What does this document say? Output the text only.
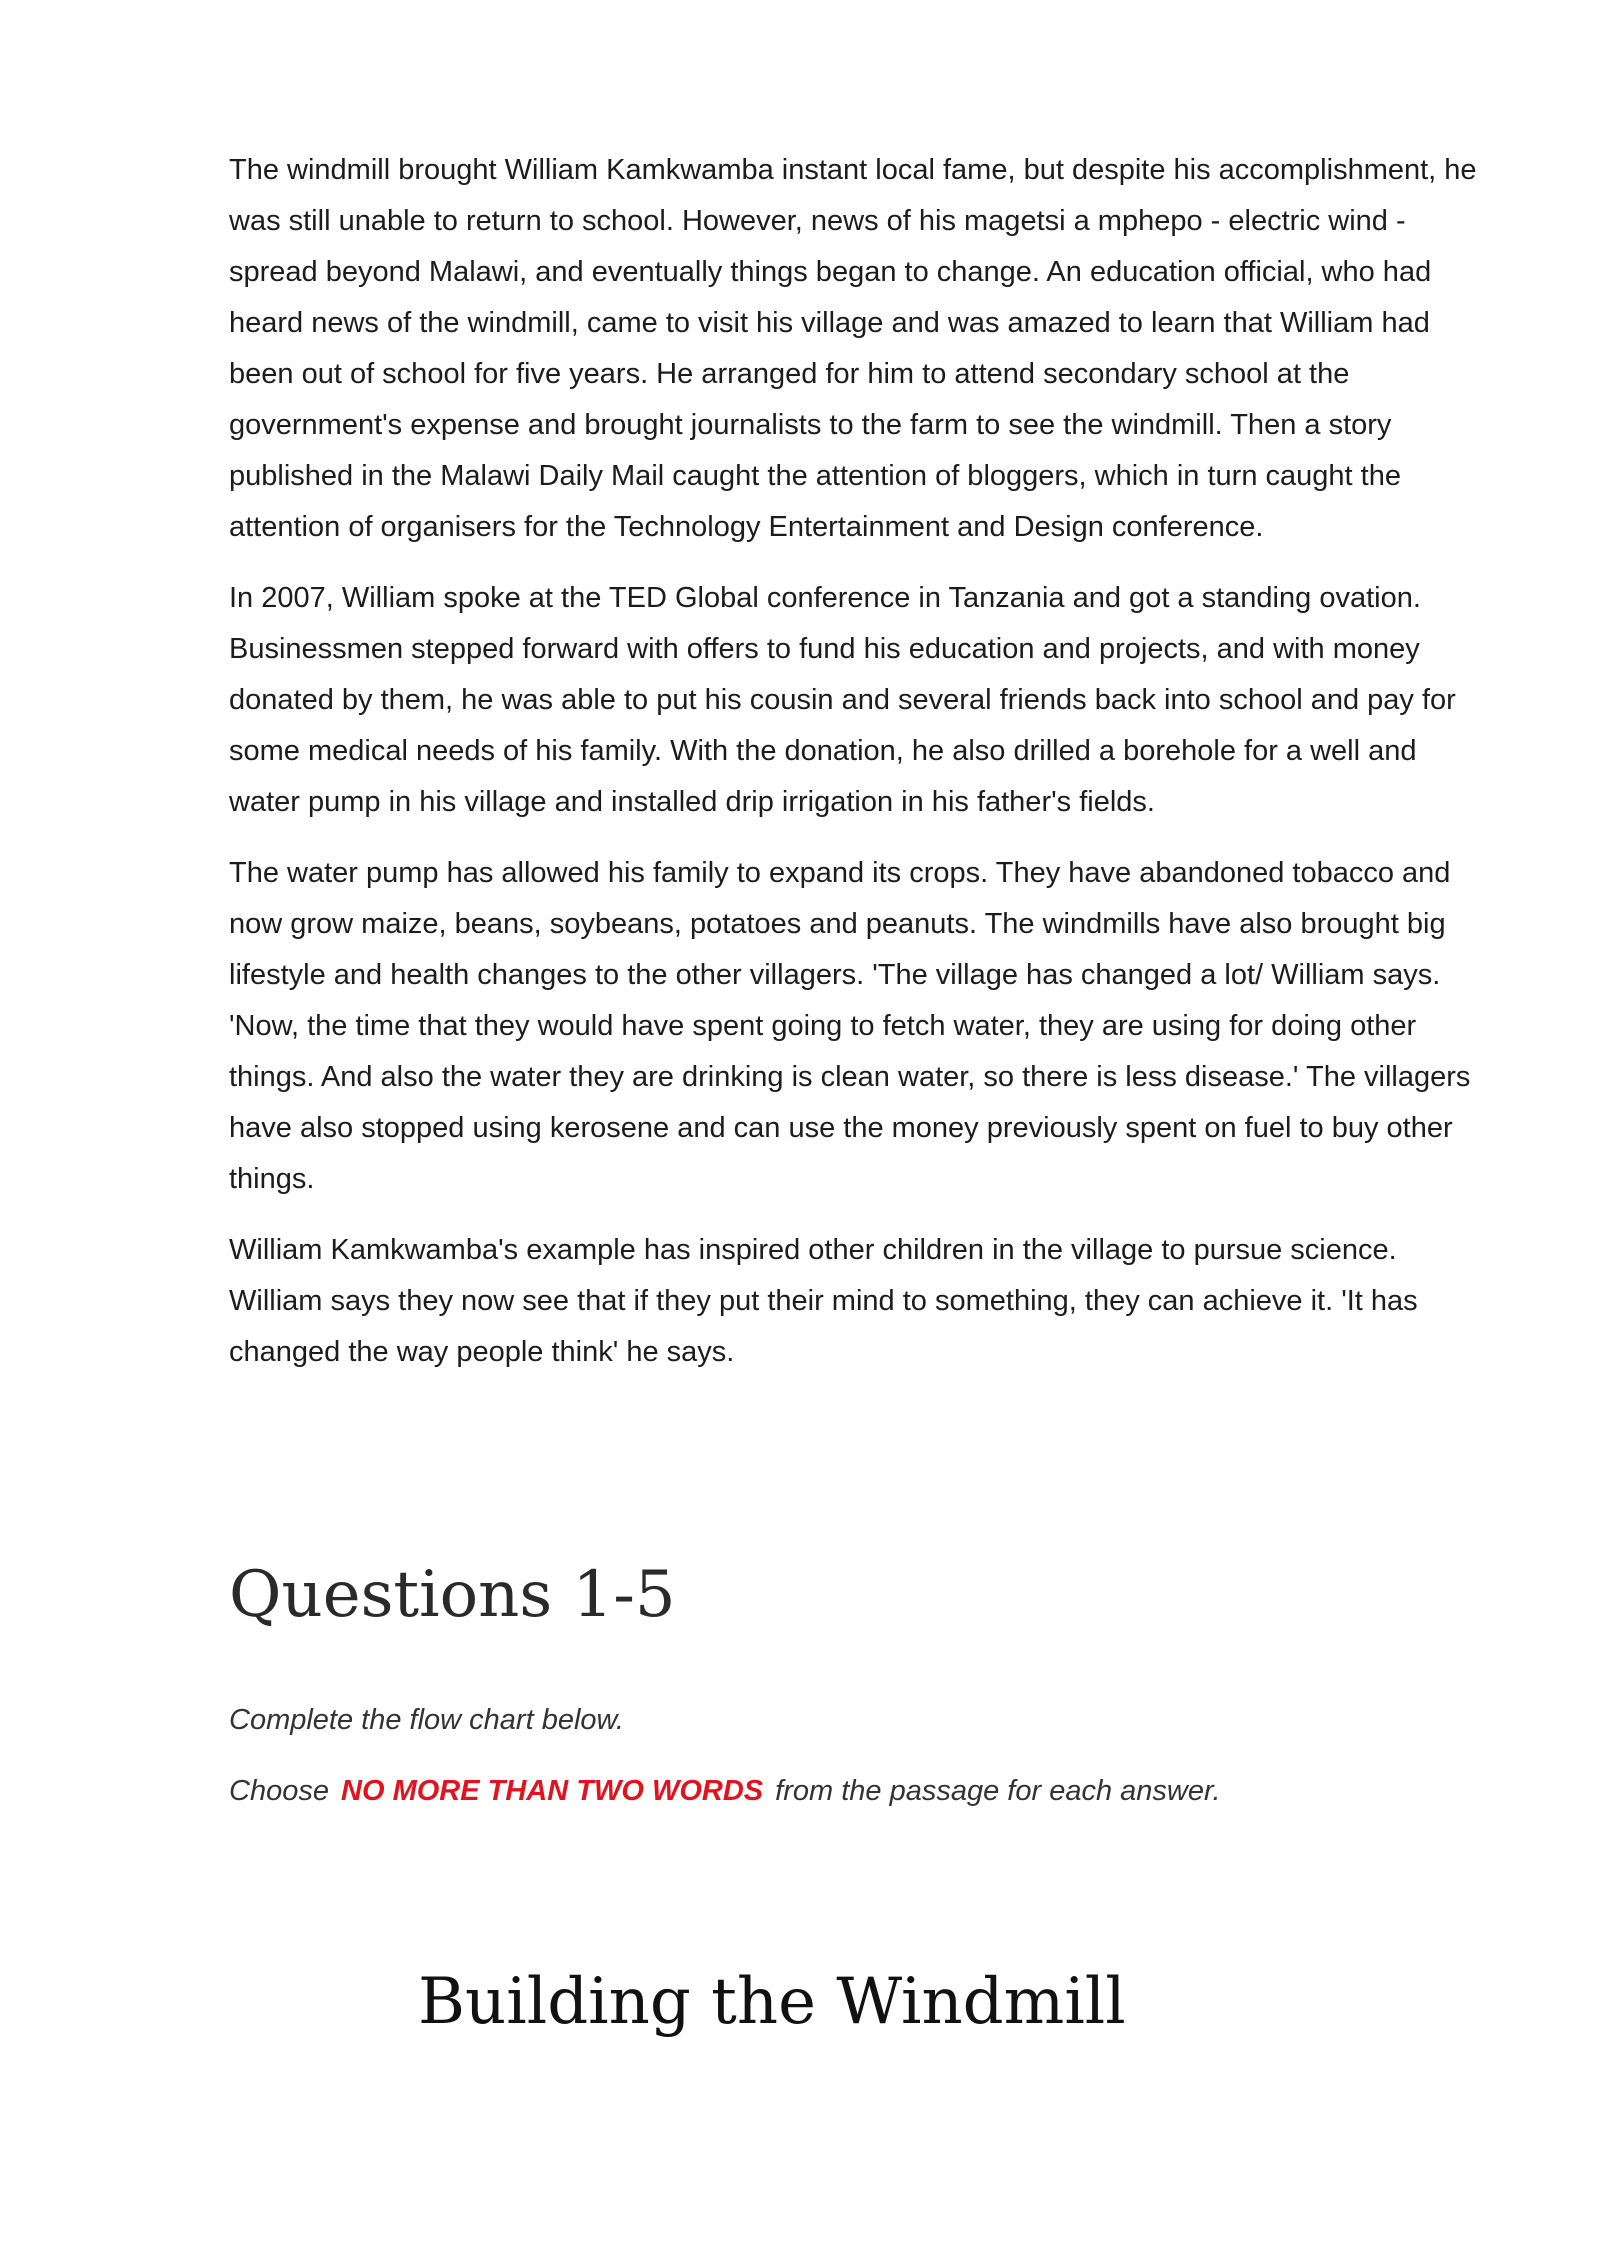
The windmill brought William Kamkwamba instant local fame, but despite his accomplishment, he was still unable to return to school. However, news of his magetsi a mphepo - electric wind - spread beyond Malawi, and eventually things began to change. An education official, who had heard news of the windmill, came to visit his village and was amazed to learn that William had been out of school for five years. He arranged for him to attend secondary school at the government's expense and brought journalists to the farm to see the windmill. Then a story published in the Malawi Daily Mail caught the attention of bloggers, which in turn caught the attention of organisers for the Technology Entertainment and Design conference.

In 2007, William spoke at the TED Global conference in Tanzania and got a standing ovation. Businessmen stepped forward with offers to fund his education and projects, and with money donated by them, he was able to put his cousin and several friends back into school and pay for some medical needs of his family. With the donation, he also drilled a borehole for a well and water pump in his village and installed drip irrigation in his father's fields.

The water pump has allowed his family to expand its crops. They have abandoned tobacco and now grow maize, beans, soybeans, potatoes and peanuts. The windmills have also brought big lifestyle and health changes to the other villagers. 'The village has changed a lot/ William says. 'Now, the time that they would have spent going to fetch water, they are using for doing other things. And also the water they are drinking is clean water, so there is less disease.' The villagers have also stopped using kerosene and can use the money previously spent on fuel to buy other things.

William Kamkwamba's example has inspired other children in the village to pursue science. William says they now see that if they put their mind to something, they can achieve it. 'It has changed the way people think' he says.

Questions 1-5

Complete the flow chart below.

Choose NO MORE THAN TWO WORDS from the passage for each answer.

Building the Windmill
